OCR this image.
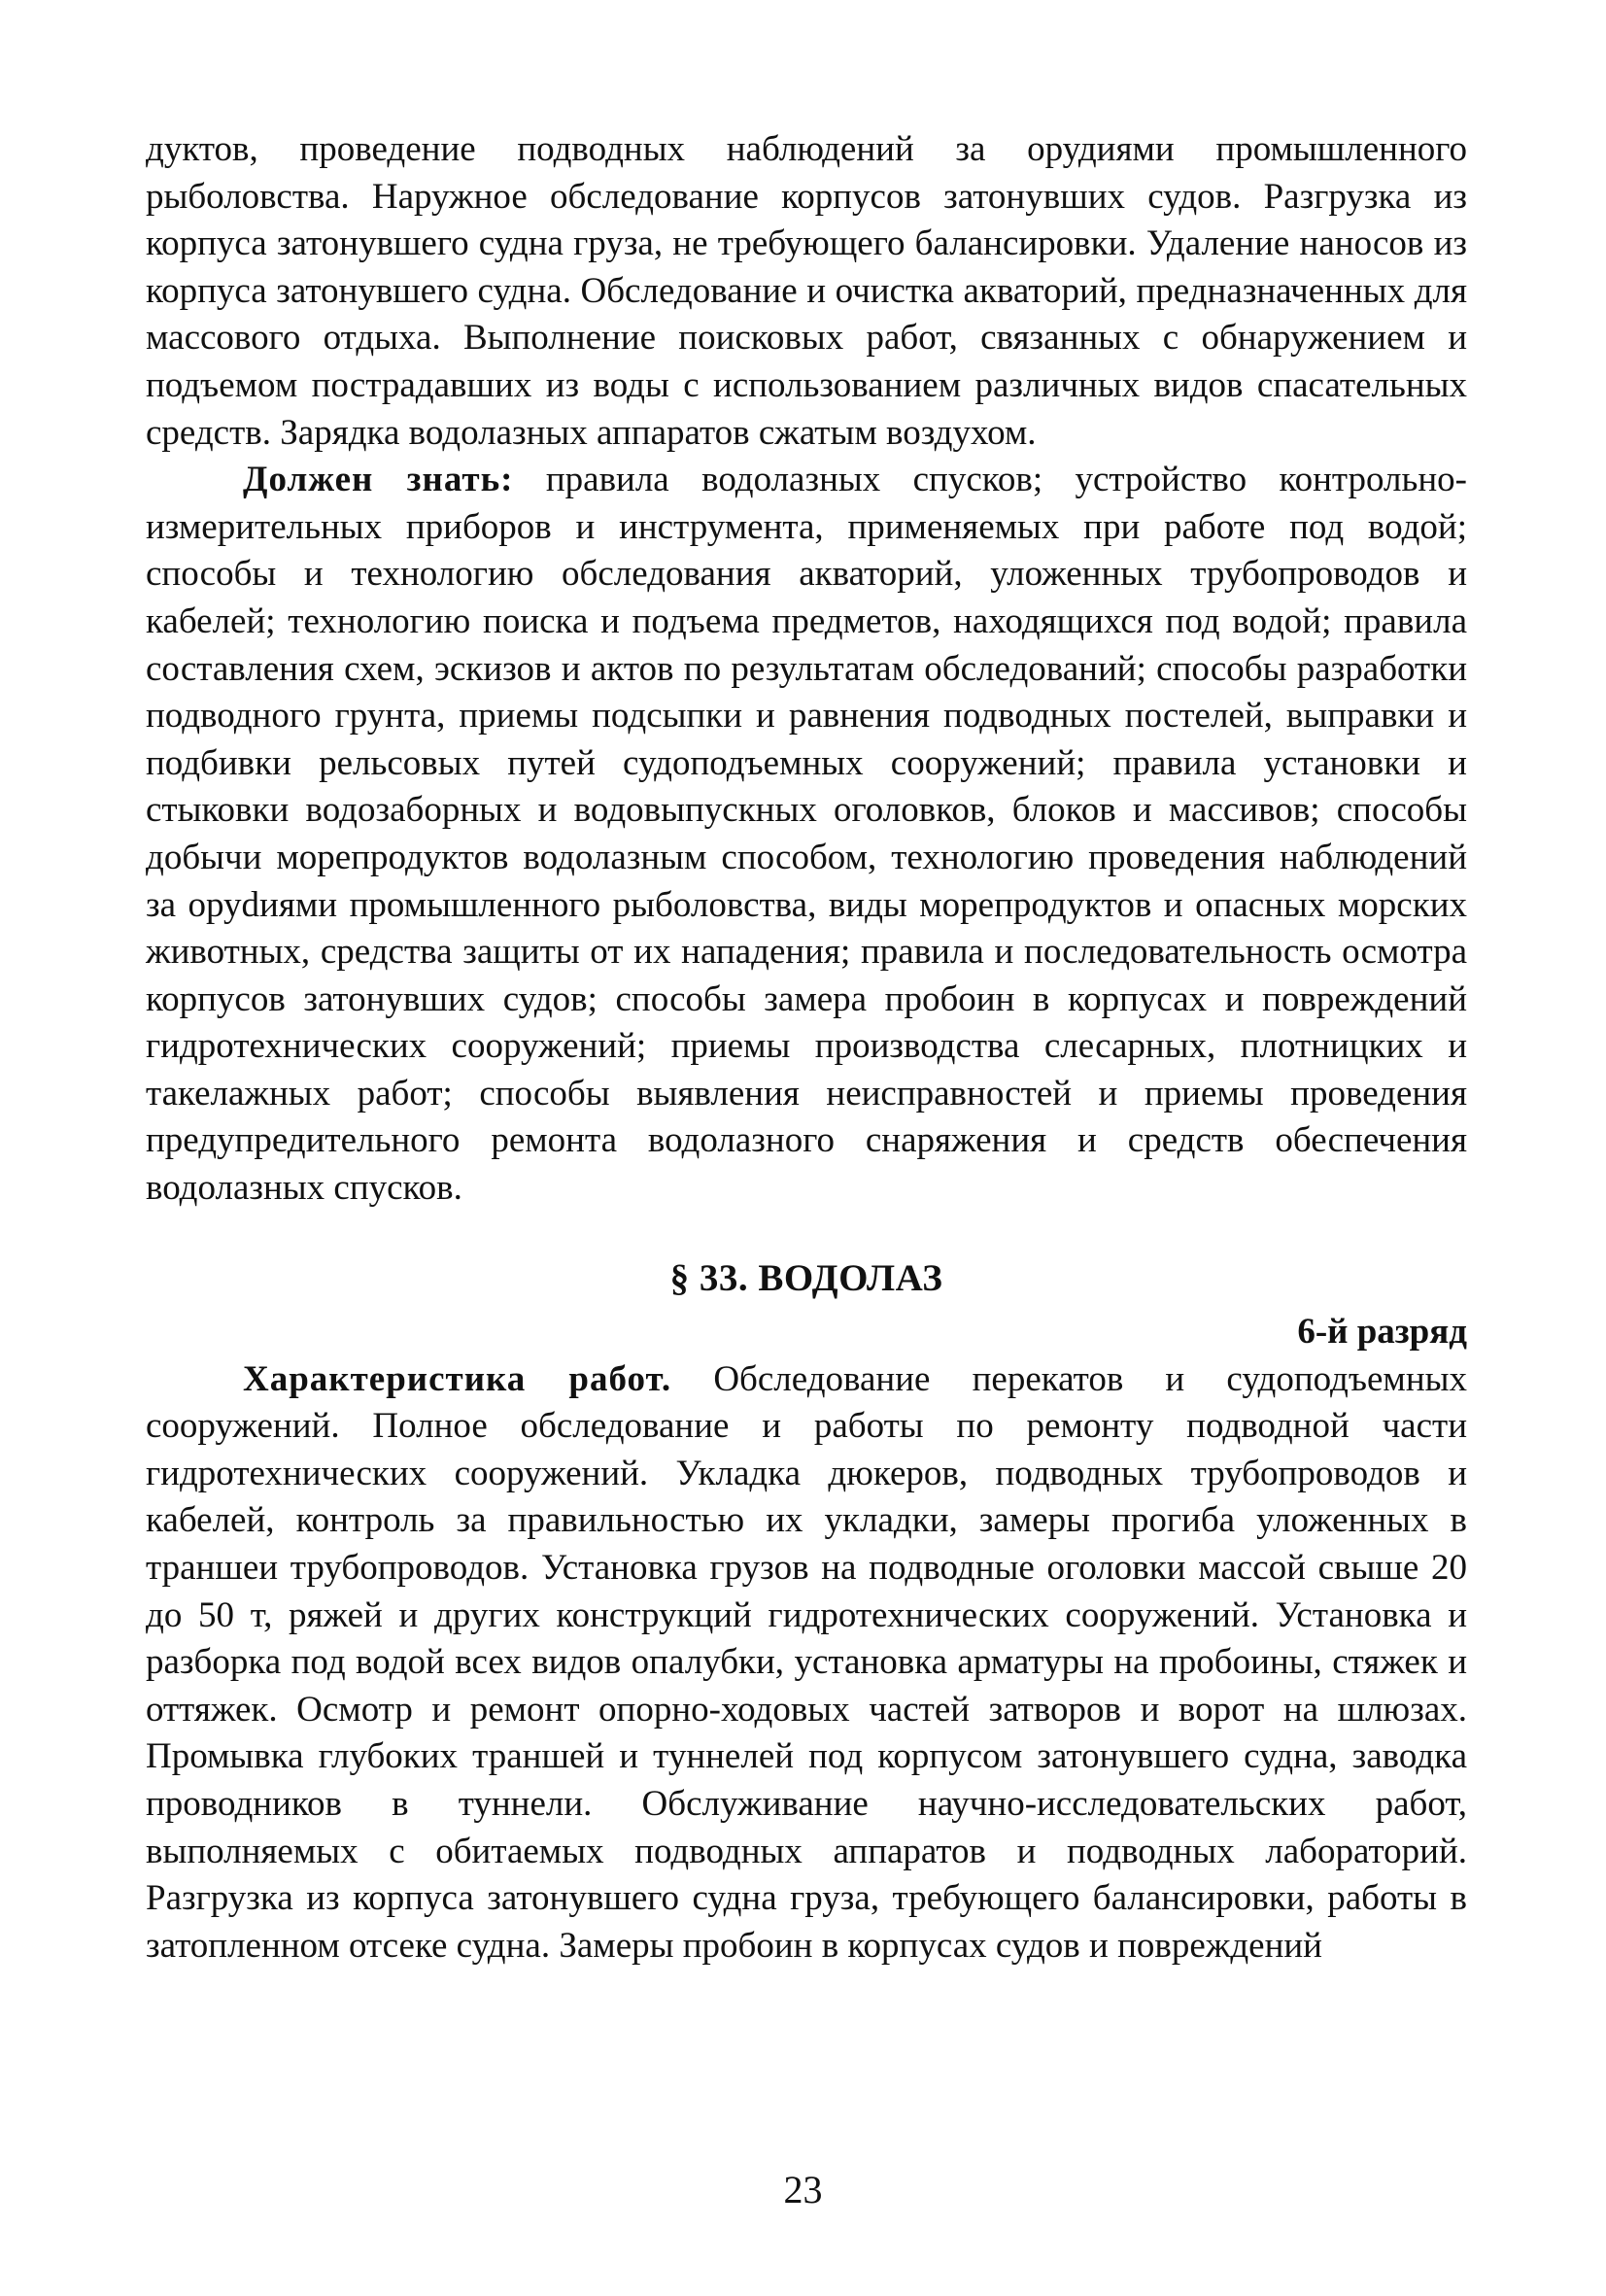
дуктов, проведение подводных наблюдений за орудиями промышленного рыболовства. Наружное обследование корпусов затонувших судов. Разгрузка из корпуса затонувшего судна груза, не требующего балансировки. Удаление наносов из корпуса затонувшего судна. Обследование и очистка акваторий, предназначенных для массового отдыха. Выполнение поисковых работ, связанных с обнаружением и подъемом пострадавших из воды с использованием различных видов спасательных средств. Зарядка водолазных аппаратов сжатым воздухом.

Должен знать: правила водолазных спусков; устройство контрольно-измерительных приборов и инструмента, применяемых при работе под водой; способы и технологию обследования акваторий, уложенных трубопроводов и кабелей; технологию поиска и подъема предметов, находящихся под водой; правила составления схем, эскизов и актов по результатам обследований; способы разработки подводного грунта, приемы подсыпки и равнения подводных постелей, выправки и подбивки рельсовых путей судоподъемных сооружений; правила установки и стыковки водозаборных и водовыпускных оголовков, блоков и массивов; способы добычи морепродуктов водолазным способом, технологию проведения наблюдений за оруdиями промышленного рыболовства, виды морепродуктов и опасных морских животных, средства защиты от их нападения; правила и последовательность осмотра корпусов затонувших судов; способы замера пробоин в корпусах и повреждений гидротехнических сооружений; приемы производства слесарных, плотницких и такелажных работ; способы выявления неисправностей и приемы проведения предупредительного ремонта водолазного снаряжения и средств обеспечения водолазных спусков.

§ 33. ВОДОЛАЗ
6-й разряд

Характеристика работ. Обследование перекатов и судоподъемных сооружений. Полное обследование и работы по ремонту подводной части гидротехнических сооружений. Укладка дюкеров, подводных трубопроводов и кабелей, контроль за правильностью их укладки, замеры прогиба уложенных в траншеи трубопроводов. Установка грузов на подводные оголовки массой свыше 20 до 50 т, ряжей и других конструкций гидротехнических сооружений. Установка и разборка под водой всех видов опалубки, установка арматуры на пробоины, стяжек и оттяжек. Осмотр и ремонт опорно-ходовых частей затворов и ворот на шлюзах. Промывка глубоких траншей и туннелей под корпусом затонувшего судна, заводка проводников в туннели. Обслуживание научно-исследовательских работ, выполняемых с обитаемых подводных аппаратов и подводных лабораторий. Разгрузка из корпуса затонувшего судна груза, требующего балансировки, работы в затопленном отсеке судна. Замеры пробоин в корпусах судов и повреждений

23
